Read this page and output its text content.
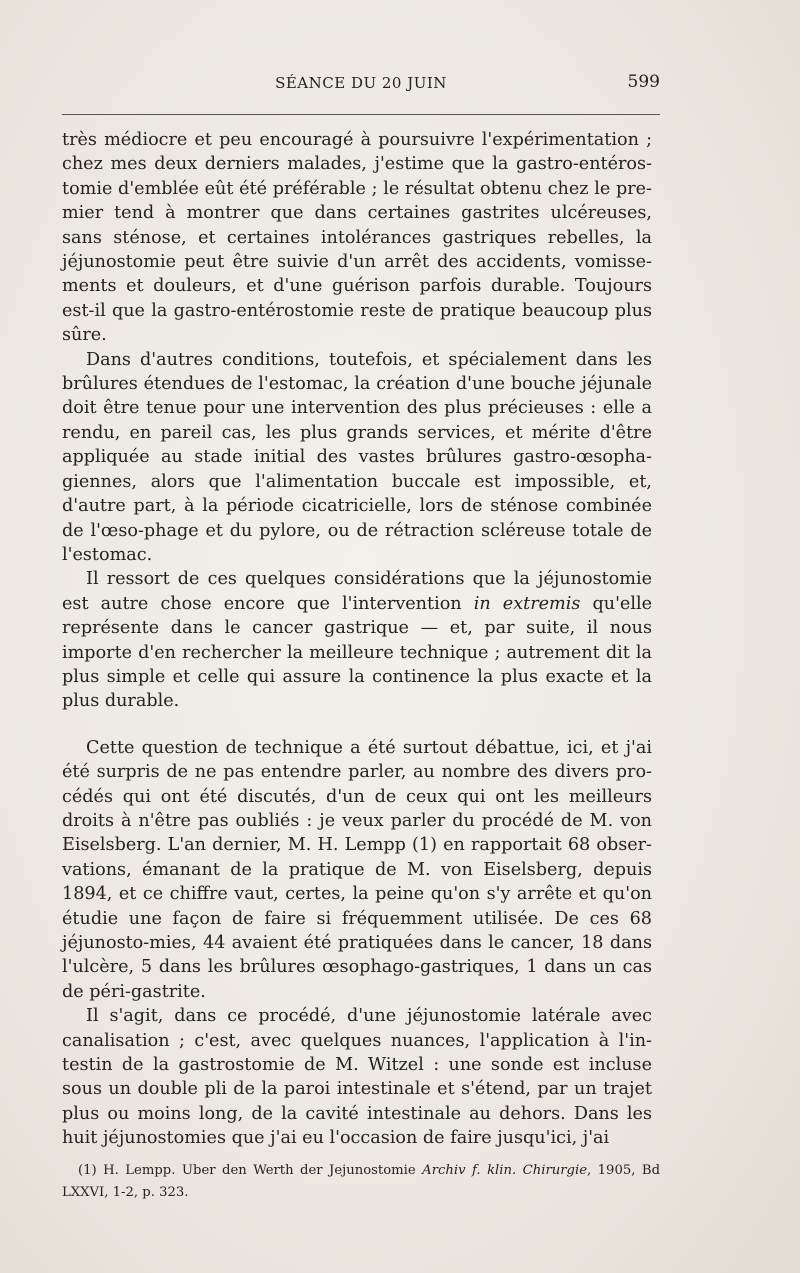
SÉANCE DU 20 JUIN	599

très médiocre et peu encouragé à poursuivre l'expérimentation ; chez mes deux derniers malades, j'estime que la gastro-entéros-tomie d'emblée eût été préférable ; le résultat obtenu chez le pre-mier tend à montrer que dans certaines gastrites ulcéreuses, sans sténose, et certaines intolérances gastriques rebelles, la jéjunostomie peut être suivie d'un arrêt des accidents, vomisse-ments et douleurs, et d'une guérison parfois durable. Toujours est-il que la gastro-entérostomie reste de pratique beaucoup plus sûre.

Dans d'autres conditions, toutefois, et spécialement dans les brûlures étendues de l'estomac, la création d'une bouche jéjunale doit être tenue pour une intervention des plus précieuses : elle a rendu, en pareil cas, les plus grands services, et mérite d'être appliquée au stade initial des vastes brûlures gastro-œsopha-giennes, alors que l'alimentation buccale est impossible, et, d'autre part, à la période cicatricielle, lors de sténose combinée de l'œso-phage et du pylore, ou de rétraction scléreuse totale de l'estomac.

Il ressort de ces quelques considérations que la jéjunostomie est autre chose encore que l'intervention in extremis qu'elle représente dans le cancer gastrique — et, par suite, il nous importe d'en rechercher la meilleure technique ; autrement dit la plus simple et celle qui assure la continence la plus exacte et la plus durable.

Cette question de technique a été surtout débattue, ici, et j'ai été surpris de ne pas entendre parler, au nombre des divers pro-cédés qui ont été discutés, d'un de ceux qui ont les meilleurs droits à n'être pas oubliés : je veux parler du procédé de M. von Eiselsberg. L'an dernier, M. H. Lempp (1) en rapportait 68 obser-vations, émanant de la pratique de M. von Eiselsberg, depuis 1894, et ce chiffre vaut, certes, la peine qu'on s'y arrête et qu'on étudie une façon de faire si fréquemment utilisée. De ces 68 jéjunosto-mies, 44 avaient été pratiquées dans le cancer, 18 dans l'ulcère, 5 dans les brûlures œsophago-gastriques, 1 dans un cas de péri-gastrite.

Il s'agit, dans ce procédé, d'une jéjunostomie latérale avec canalisation ; c'est, avec quelques nuances, l'application à l'in-testin de la gastrostomie de M. Witzel : une sonde est incluse sous un double pli de la paroi intestinale et s'étend, par un trajet plus ou moins long, de la cavité intestinale au dehors. Dans les huit jéjunostomies que j'ai eu l'occasion de faire jusqu'ici, j'ai

(1) H. Lempp. Uber den Werth der Jejunostomie Archiv f. klin. Chirurgie, 1905, Bd LXXVI, 1-2, p. 323.
